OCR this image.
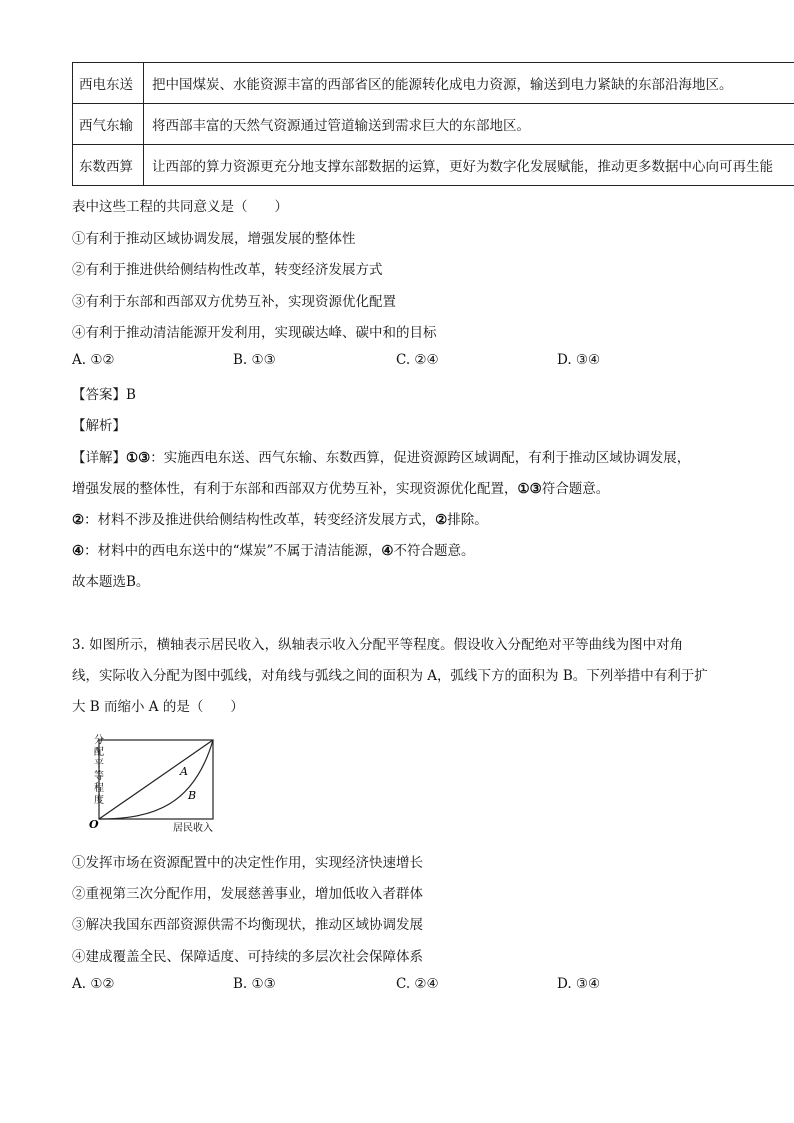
西电东送	把中国煤炭、水能资源丰富的西部省区的能源转化成电力资源，输送到电力紧缺的东部沿海地区。
西气东输	将西部丰富的天然气资源通过管道输送到需求巨大的东部地区。
东数西算	让西部的算力资源更充分地支撑东部数据的运算，更好为数字化发展赋能，推动更多数据中心向可再生能
表中这些工程的共同意义是（　　）
①有利于推动区域协调发展，增强发展的整体性
②有利于推进供给侧结构性改革，转变经济发展方式
③有利于东部和西部双方优势互补，实现资源优化配置
④有利于推动清洁能源开发利用，实现碳达峰、碳中和的目标
A. ①②	B. ①③	C. ②④	D. ③④
【答案】B
【解析】
【详解】①③：实施西电东送、西气东输、东数西算，促进资源跨区域调配，有利于推动区域协调发展，
增强发展的整体性，有利于东部和西部双方优势互补，实现资源优化配置，①③符合题意。
②：材料不涉及推进供给侧结构性改革，转变经济发展方式，②排除。
④：材料中的西电东送中的“煤炭”不属于清洁能源，④不符合题意。
故本题选B。
3. 如图所示，横轴表示居民收入，纵轴表示收入分配平等程度。假设收入分配绝对平等曲线为图中对角
线，实际收入分配为图中弧线，对角线与弧线之间的面积为 A，弧线下方的面积为 B。下列举措中有利于扩
大 B 而缩小 A 的是（　　）
分
配
平
等
程
度
O	居民收入
A
B
①发挥市场在资源配置中的决定性作用，实现经济快速增长
②重视第三次分配作用，发展慈善事业，增加低收入者群体
③解决我国东西部资源供需不均衡现状，推动区域协调发展
④建成覆盖全民、保障适度、可持续的多层次社会保障体系
A. ①②	B. ①③	C. ②④	D. ③④
